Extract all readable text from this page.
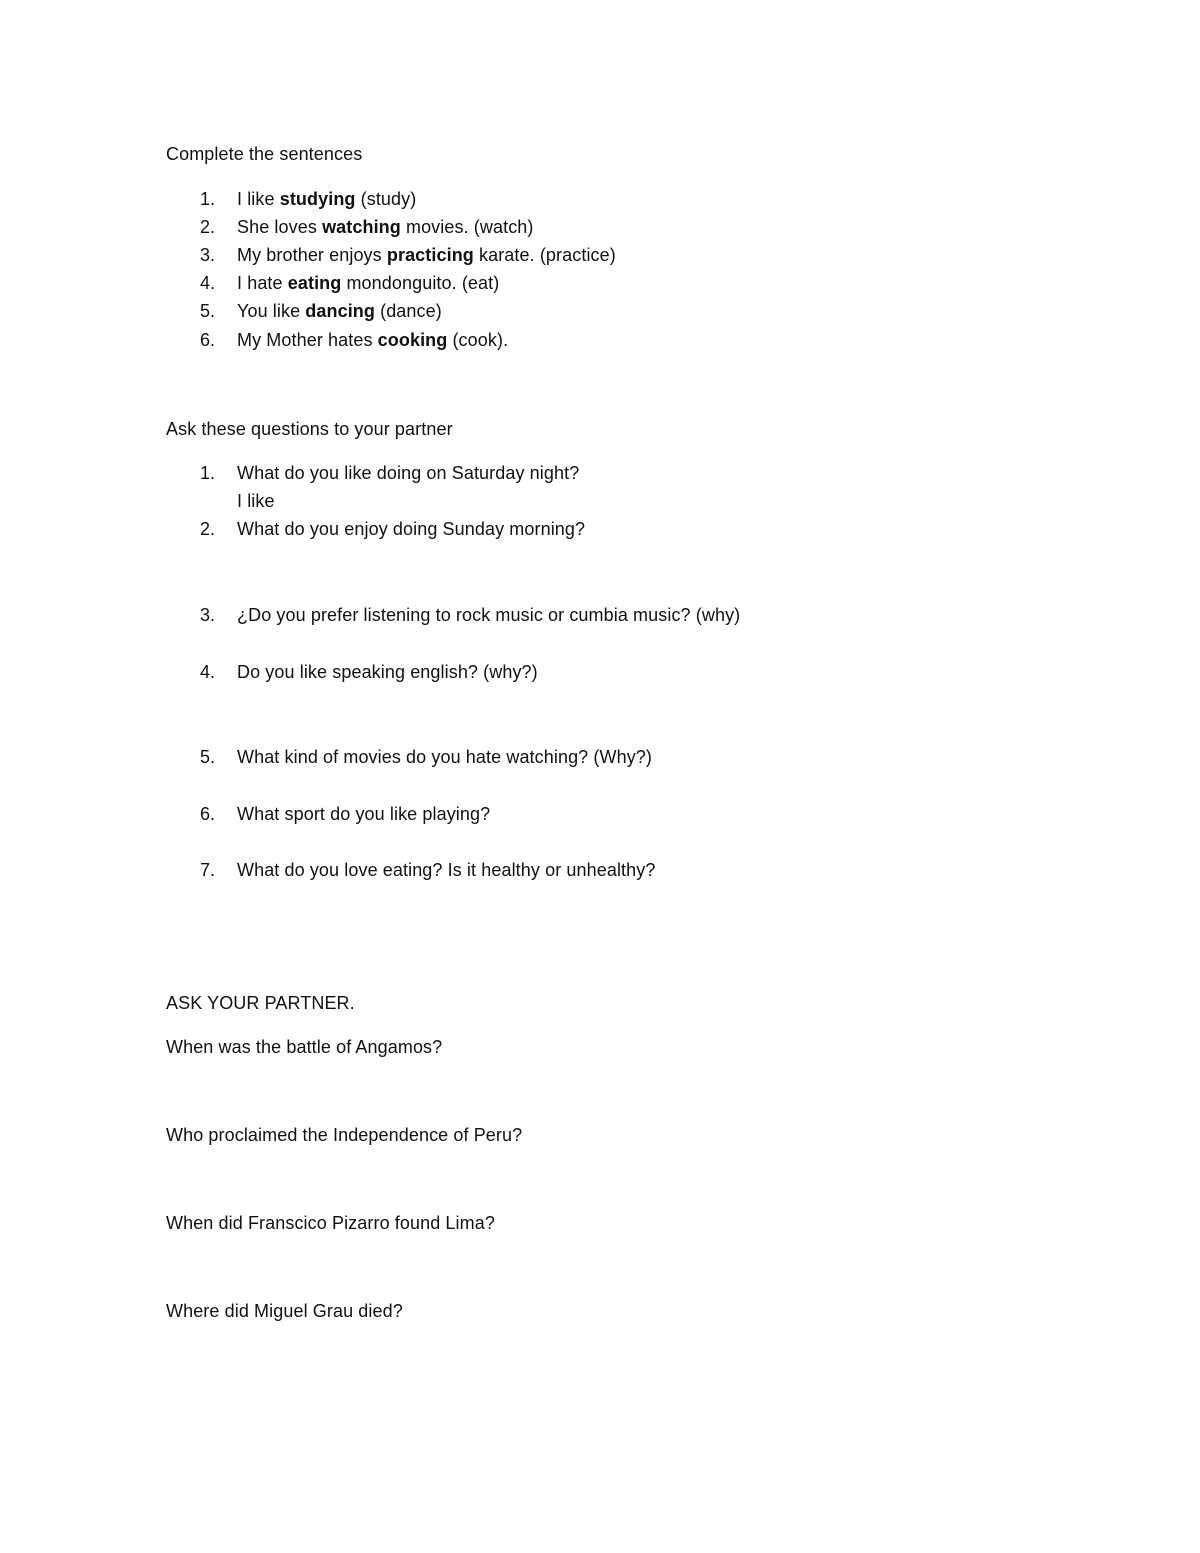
Complete the sentences
1.	I like studying (study)
2.	She loves watching movies. (watch)
3.	My brother enjoys practicing karate. (practice)
4.	I hate eating mondonguito. (eat)
5.	You like dancing (dance)
6.	My Mother hates cooking (cook).
Ask these questions to your partner
1.	What do you like doing on Saturday night?
I like
2.	What do you enjoy doing Sunday morning?
3.	¿Do you prefer listening to rock music or cumbia music? (why)
4.	Do you like speaking english? (why?)
5.	What kind of movies do you hate watching? (Why?)
6.	What sport do you like playing?
7.	What do you love eating? Is it healthy or unhealthy?
ASK YOUR PARTNER.
When was the battle of Angamos?
Who proclaimed the Independence of Peru?
When did Franscico Pizarro found Lima?
Where did Miguel Grau died?
